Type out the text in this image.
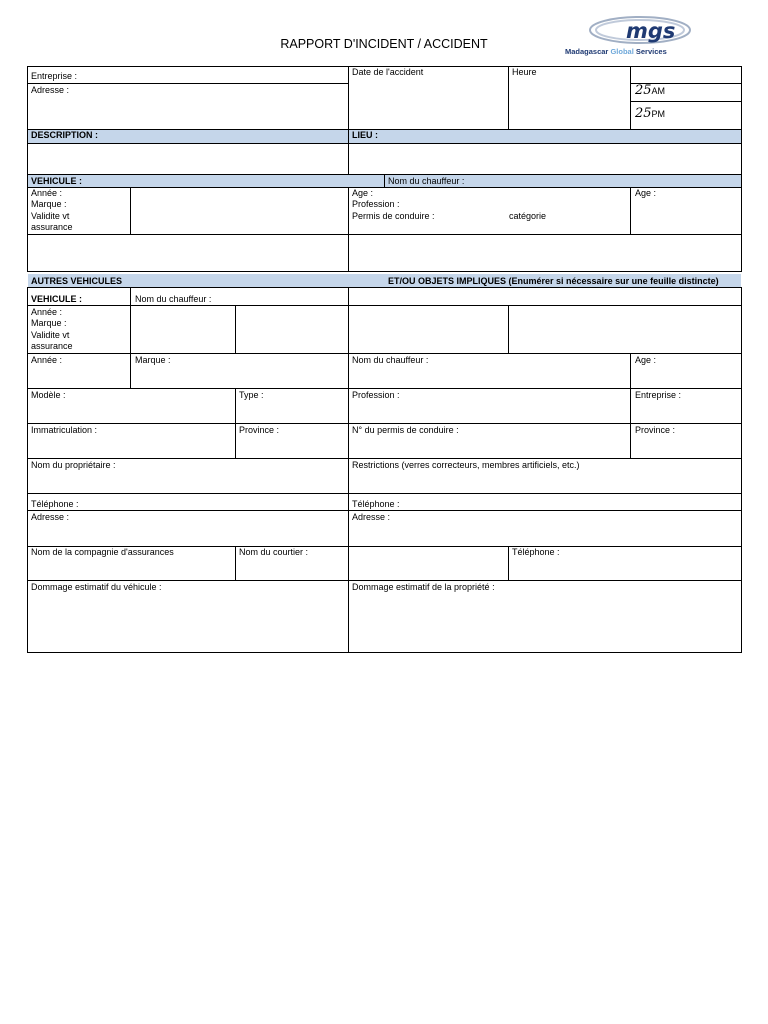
RAPPORT D'INCIDENT / ACCIDENT
mgs
Madagascar Global Services
Entreprise :
Adresse :
Date de l'accident	Heure
25AM
25PM
DESCRIPTION :	LIEU :
VEHICULE :	Nom du chauffeur :
Année :
Marque :
Validite vt
assurance
Age :
Profession :
Permis de conduire :	catégorie
Age :
AUTRES VEHICULES	ET/OU OBJETS IMPLIQUES (Enumérer si nécessaire sur une feuille distincte)
VEHICULE :	Nom du chauffeur :
Année :
Marque :
Validite vt
assurance
Année :	Marque :	Nom du chauffeur :	Age :
Modèle :	Type :	Profession :	Entreprise :
Immatriculation :	Province :	N° du permis de conduire :	Province :
Nom du propriétaire :	Restrictions (verres correcteurs, membres artificiels, etc.)
Téléphone :	Téléphone :
Adresse :	Adresse :
Nom de la compagnie d'assurances	Nom du courtier :	Téléphone :
Dommage estimatif du véhicule :	Dommage estimatif de la propriété :
